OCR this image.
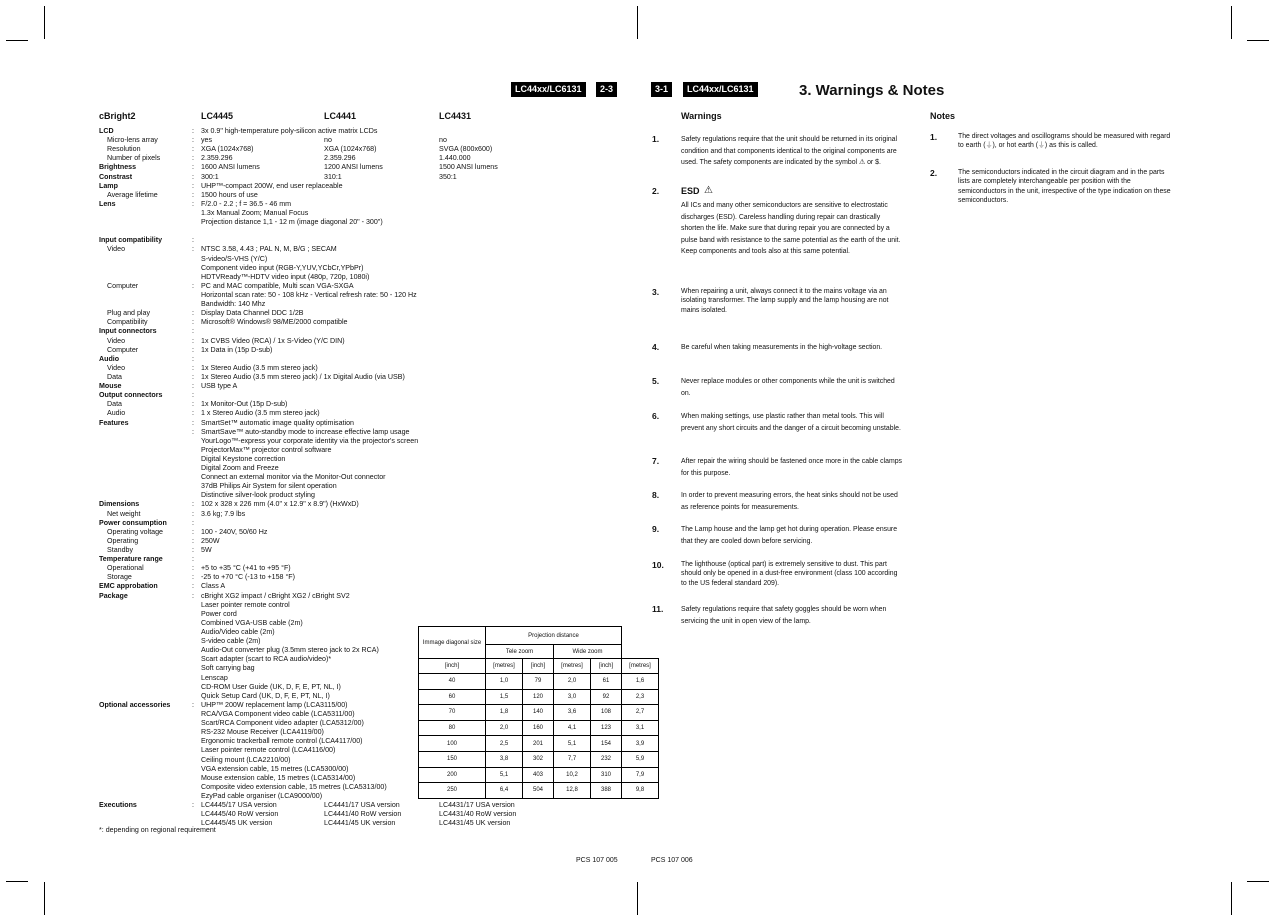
LC44xx/LC6131	2-3
cBright2	LC4445	LC4441	LC4431
LCD	: 3x 0.9" high-temperature poly-silicon active matrix LCDs
Micro-lens array	: yes	no	no
Resolution	: XGA (1024x768)	XGA (1024x768)	SVGA (800x600)
Number of pixels	: 2.359.296	2.359.296	1.440.000
Brightness	: 1600 ANSI lumens	1200 ANSI lumens	1500 ANSI lumens
Constrast	: 300:1	310:1	350:1
Lamp	: UHP™-compact 200W, end user replaceable
Average lifetime	: 1500 hours of use
Lens	: F/2.0 - 2.2 ; f = 36.5 - 46 mm
1.3x Manual Zoom; Manual Focus
Projection distance 1,1 - 12 m (image diagonal 20" - 300")
Input compatibility	:
Video	: NTSC 3.58, 4.43 ; PAL N, M, B/G ; SECAM
S-video/S-VHS (Y/C)
Component video input (RGB-Y,YUV,YCbCr,YPbPr)
HDTVReady™-HDTV video input (480p, 720p, 1080i)
Computer	: PC and MAC compatible, Multi scan VGA-SXGA
Horizontal scan rate: 50 - 108 kHz - Vertical refresh rate: 50 - 120 Hz
Bandwidth: 140 Mhz
Plug and play	: Display Data Channel DDC 1/2B
Compatibility	: Microsoft® Windows® 98/ME/2000 compatible
Input connectors	:
Video	: 1x CVBS Video (RCA) / 1x S-Video (Y/C DIN)
Computer	: 1x Data in (15p D-sub)
Audio	:
Video	: 1x Stereo Audio (3.5 mm stereo jack)
Data	: 1x Stereo Audio (3.5 mm stereo jack) / 1x Digital Audio (via USB)
Mouse	: USB type A
Output connectors	:
Data	: 1x Monitor-Out (15p D-sub)
Audio	: 1 x Stereo Audio (3.5 mm stereo jack)
Features	: SmartSet™ automatic image quality optimisation
: SmartSave™ auto-standby mode to increase effective lamp usage
YourLogo™-express your corporate identity via the projector's screen
ProjectorMax™ projector control software
Digital Keystone correction
Digital Zoom and Freeze
Connect an external monitor via the Monitor-Out connector
37dB Philips Air System for silent operation
Distinctive silver-look product styling
Dimensions	: 102 x 328 x 226 mm (4.0" x 12.9" x 8.9") (HxWxD)
Net weight	: 3.6 kg; 7.9 lbs
Power consumption	:
Operating voltage	: 100 - 240V, 50/60 Hz
Operating	: 250W
Standby	: 5W
Temperature range	:
Operational	: +5 to +35 °C (+41 to +95 °F)
Storage	: -25 to +70 °C (-13 to +158 °F)
EMC approbation	: Class A
Package	: cBright XG2 impact / cBright XG2 / cBright SV2
Laser pointer remote control
Power cord
Combined VGA-USB cable (2m)
Audio/Video cable (2m)
S-video cable (2m)
Audio-Out converter plug (3.5mm stereo jack to 2x RCA)
Scart adapter (scart to RCA audio/video)*
Soft carrying bag
Lenscap
CD-ROM User Guide (UK, D, F, E, PT, NL, I)
Quick Setup Card (UK, D, F, E, PT, NL, I)
Optional accessories	: UHP™ 200W replacement lamp (LCA3115/00)
RCA/VGA Component video cable (LCA5311/00)
Scart/RCA Component video adapter (LCA5312/00)
RS-232 Mouse Receiver (LCA4119/00)
Ergonomic trackerball remote control (LCA4117/00)
Laser pointer remote control (LCA4116/00)
Ceiling mount (LCA2210/00)
VGA extension cable, 15 metres (LCA5300/00)
Mouse extension cable, 15 metres (LCA5314/00)
Composite video extension cable, 15 metres (LCA5313/00)
EzyPad cable organiser (LCA9000/00)
Executions	: LC4445/17 USA version	LC4441/17 USA version	LC4431/17 USA version
LC4445/40 RoW version	LC4441/40 RoW version	LC4431/40 RoW version
LC4445/45 UK version	LC4441/45 UK version	LC4431/45 UK version
*: depending on regional requirement
PCS 107 005
Immage diagonal size	Projection distance				
	Tele zoom		Wide zoom		
[inch]	[metres]	[inch]	[metres]	[inch]	[metres]
40	1,0	79	2,0	61	1,6
60	1,5	120	3,0	92	2,3
70	1,8	140	3,6	108	2,7
80	2,0	160	4,1	123	3,1
100	2,5	201	5,1	154	3,9
150	3,8	302	7,7	232	5,9
200	5,1	403	10,2	310	7,9
250	6,4	504	12,8	388	9,8
3-1	LC44xx/LC6131	3. Warnings & Notes
Warnings	Notes
1.	Safety regulations require that the unit should be returned in its original condition and that components identical to the original components are used. The safety components are indicated by the symbol ⚠ or $.
2. ESD ⚠
All ICs and many other semiconductors are sensitive to electrostatic discharges (ESD). Careless handling during repair can drastically shorten the life. Make sure that during repair you are connected by a pulse band with resistance to the same potential as the earth of the unit. Keep components and tools also at this same potential.
3.	When repairing a unit, always connect it to the mains voltage via an isolating transformer. The lamp supply and the lamp housing are not mains isolated.
4.	Be careful when taking measurements in the high-voltage section.
5.	Never replace modules or other components while the unit is switched on.
6.	When making settings, use plastic rather than metal tools. This will prevent any short circuits and the danger of a circuit becoming unstable.
7.	After repair the wiring should be fastened once more in the cable clamps for this purpose.
8.	In order to prevent measuring errors, the heat sinks should not be used as reference points for measurements.
9.	The Lamp house and the lamp get hot during operation. Please ensure that they are cooled down before servicing.
10. The lighthouse (optical part) is extremely sensitive to dust. This part should only be opened in a dust-free environment (class 100 according to the US federal standard 209).
11.	Safety regulations require that safety goggles should be worn when servicing the unit in open view of the lamp.
1.	The direct voltages and oscillograms should be measured with regard to earth (⏚), or hot earth (⏚) as this is called.
2.	The semiconductors indicated in the circuit diagram and in the parts lists are completely interchangeable per position with the semiconductors in the unit, irrespective of the type indication on these semiconductors.
PCS 107 006
